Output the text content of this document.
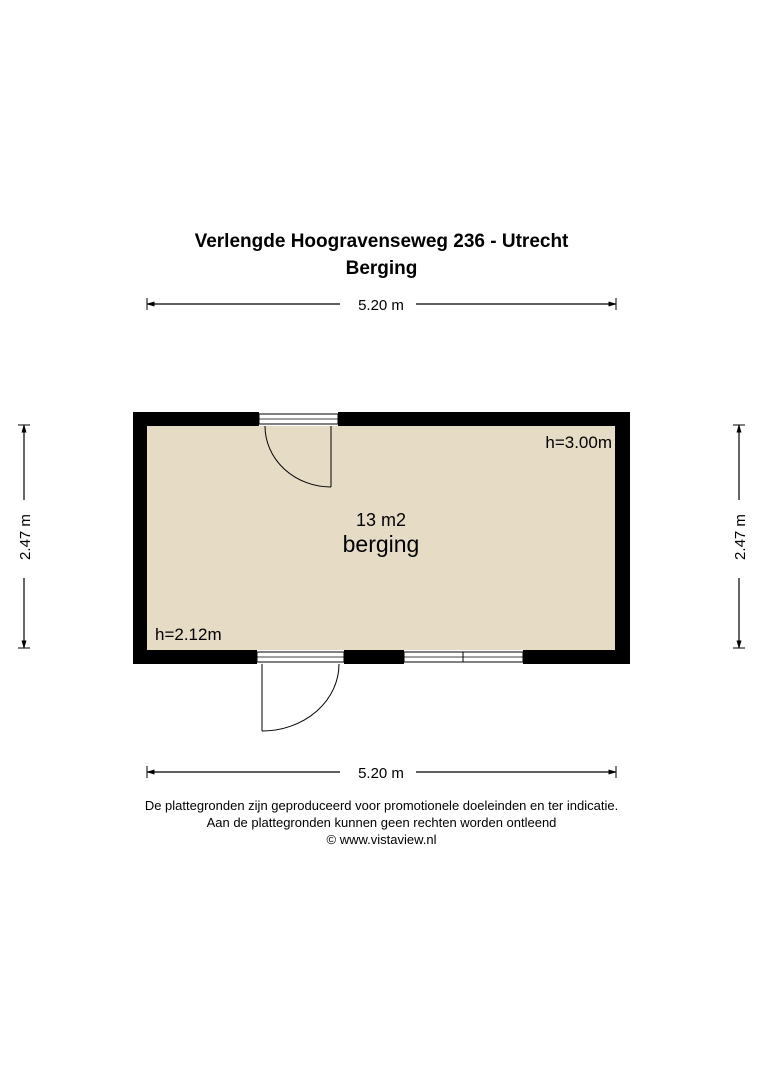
Verlengde Hoogravenseweg 236 - Utrecht
Berging
5.20 m
2.47 m	2.47 m
13 m2
berging
h=3.00m
h=2.12m
5.20 m
De plattegronden zijn geproduceerd voor promotionele doeleinden en ter indicatie.
Aan de plattegronden kunnen geen rechten worden ontleend
© www.vistaview.nl
